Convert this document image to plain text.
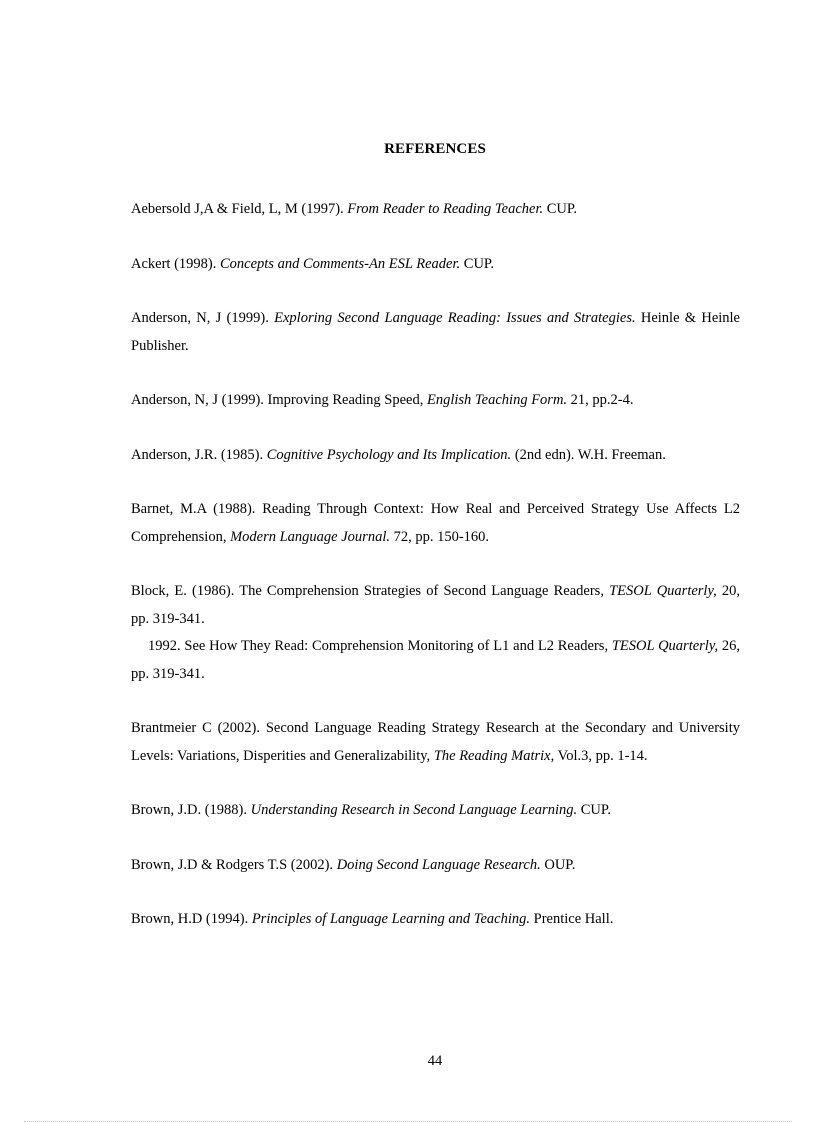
REFERENCES

Aebersold J,A & Field, L, M (1997). From Reader to Reading Teacher. CUP.

Ackert (1998). Concepts and Comments-An ESL Reader. CUP.

Anderson, N, J (1999). Exploring Second Language Reading: Issues and Strategies. Heinle & Heinle Publisher.

Anderson, N, J (1999). Improving Reading Speed, English Teaching Form. 21, pp.2-4.

Anderson, J.R. (1985). Cognitive Psychology and Its Implication. (2nd edn). W.H. Freeman.

Barnet, M.A (1988). Reading Through Context: How Real and Perceived Strategy Use Affects L2 Comprehension, Modern Language Journal. 72, pp. 150-160.

Block, E. (1986). The Comprehension Strategies of Second Language Readers, TESOL Quarterly, 20, pp. 319-341.
1992. See How They Read: Comprehension Monitoring of L1 and L2 Readers, TESOL Quarterly, 26, pp. 319-341.

Brantmeier C (2002). Second Language Reading Strategy Research at the Secondary and University Levels: Variations, Disperities and Generalizability, The Reading Matrix, Vol.3, pp. 1-14.

Brown, J.D. (1988). Understanding Research in Second Language Learning. CUP.

Brown, J.D & Rodgers T.S (2002). Doing Second Language Research. OUP.

Brown, H.D (1994). Principles of Language Learning and Teaching. Prentice Hall.

44
